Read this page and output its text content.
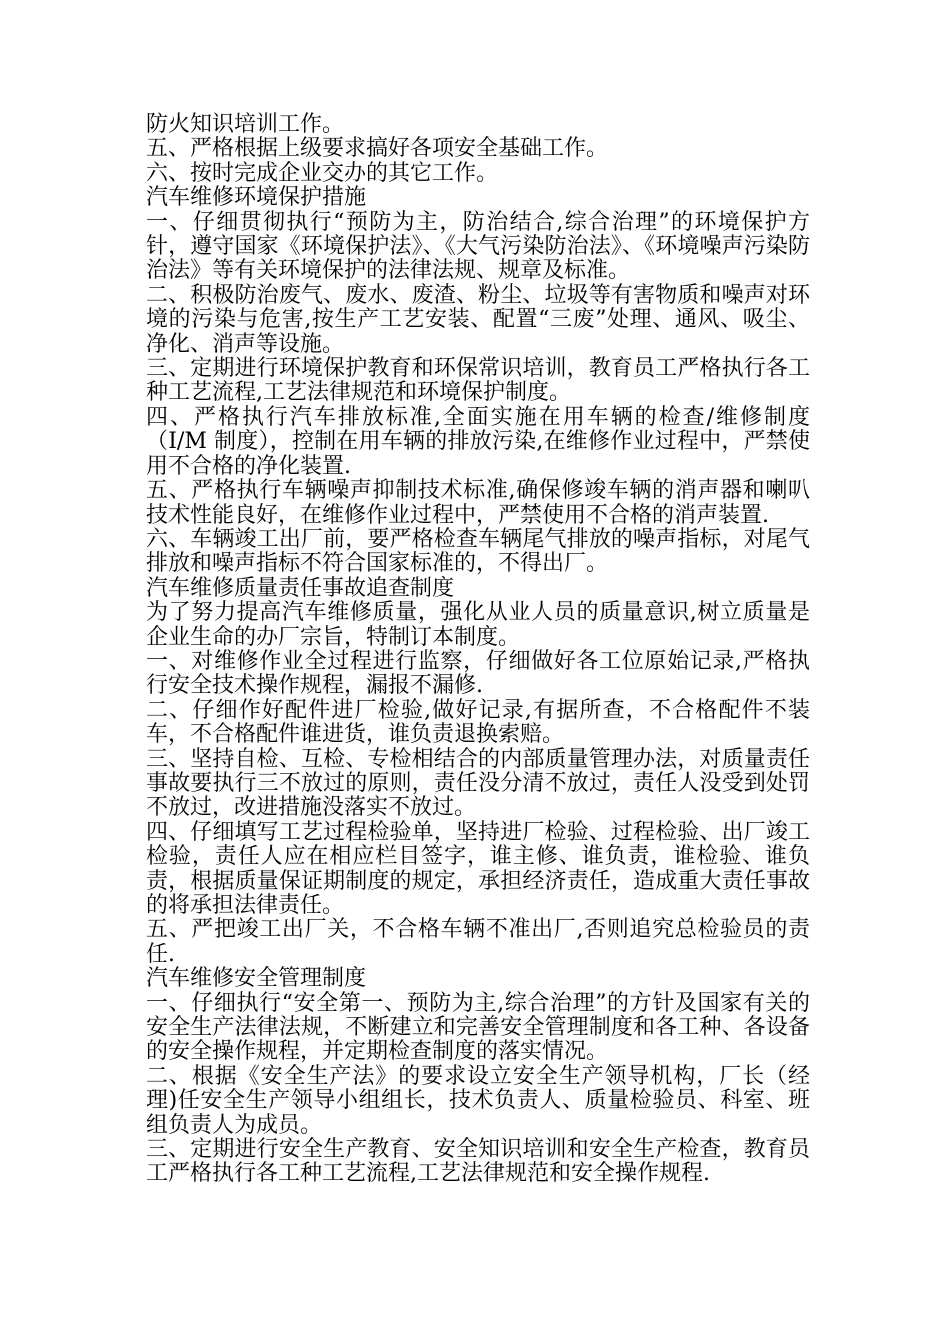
防火知识培训工作。

五、严格根据上级要求搞好各项安全基础工作。

六、按时完成企业交办的其它工作。

汽车维修环境保护措施

一、仔细贯彻执行“预防为主，防治结合,综合治理”的环境保护方针，遵守国家《环境保护法》、《大气污染防治法》、《环境噪声污染防治法》等有关环境保护的法律法规、规章及标准。

二、积极防治废气、废水、废渣、粉尘、垃圾等有害物质和噪声对环境的污染与危害,按生产工艺安装、配置“三废”处理、通风、吸尘、净化、消声等设施。

三、定期进行环境保护教育和环保常识培训，教育员工严格执行各工种工艺流程,工艺法律规范和环境保护制度。

四、严格执行汽车排放标准,全面实施在用车辆的检查/维修制度（I/M 制度），控制在用车辆的排放污染,在维修作业过程中，严禁使用不合格的净化装置.

五、严格执行车辆噪声抑制技术标准,确保修竣车辆的消声器和喇叭技术性能良好，在维修作业过程中，严禁使用不合格的消声装置.

六、车辆竣工出厂前，要严格检查车辆尾气排放的噪声指标，对尾气排放和噪声指标不符合国家标准的，不得出厂。

汽车维修质量责任事故追查制度

为了努力提高汽车维修质量，强化从业人员的质量意识,树立质量是企业生命的办厂宗旨，特制订本制度。

一、对维修作业全过程进行监察，仔细做好各工位原始记录,严格执行安全技术操作规程，漏报不漏修.

二、仔细作好配件进厂检验,做好记录,有据所查，不合格配件不装车，不合格配件谁进货，谁负责退换索赔。

三、坚持自检、互检、专检相结合的内部质量管理办法，对质量责任事故要执行三不放过的原则，责任没分清不放过，责任人没受到处罚不放过，改进措施没落实不放过。

四、仔细填写工艺过程检验单，坚持进厂检验、过程检验、出厂竣工检验，责任人应在相应栏目签字，谁主修、谁负责，谁检验、谁负责，根据质量保证期制度的规定，承担经济责任，造成重大责任事故的将承担法律责任。

五、严把竣工出厂关，不合格车辆不准出厂,否则追究总检验员的责任.

汽车维修安全管理制度

一、仔细执行“安全第一、预防为主,综合治理”的方针及国家有关的安全生产法律法规，不断建立和完善安全管理制度和各工种、各设备的安全操作规程，并定期检查制度的落实情况。

二、根据《安全生产法》的要求设立安全生产领导机构，厂长（经理)任安全生产领导小组组长，技术负责人、质量检验员、科室、班组负责人为成员。

三、定期进行安全生产教育、安全知识培训和安全生产检查，教育员工严格执行各工种工艺流程,工艺法律规范和安全操作规程.
